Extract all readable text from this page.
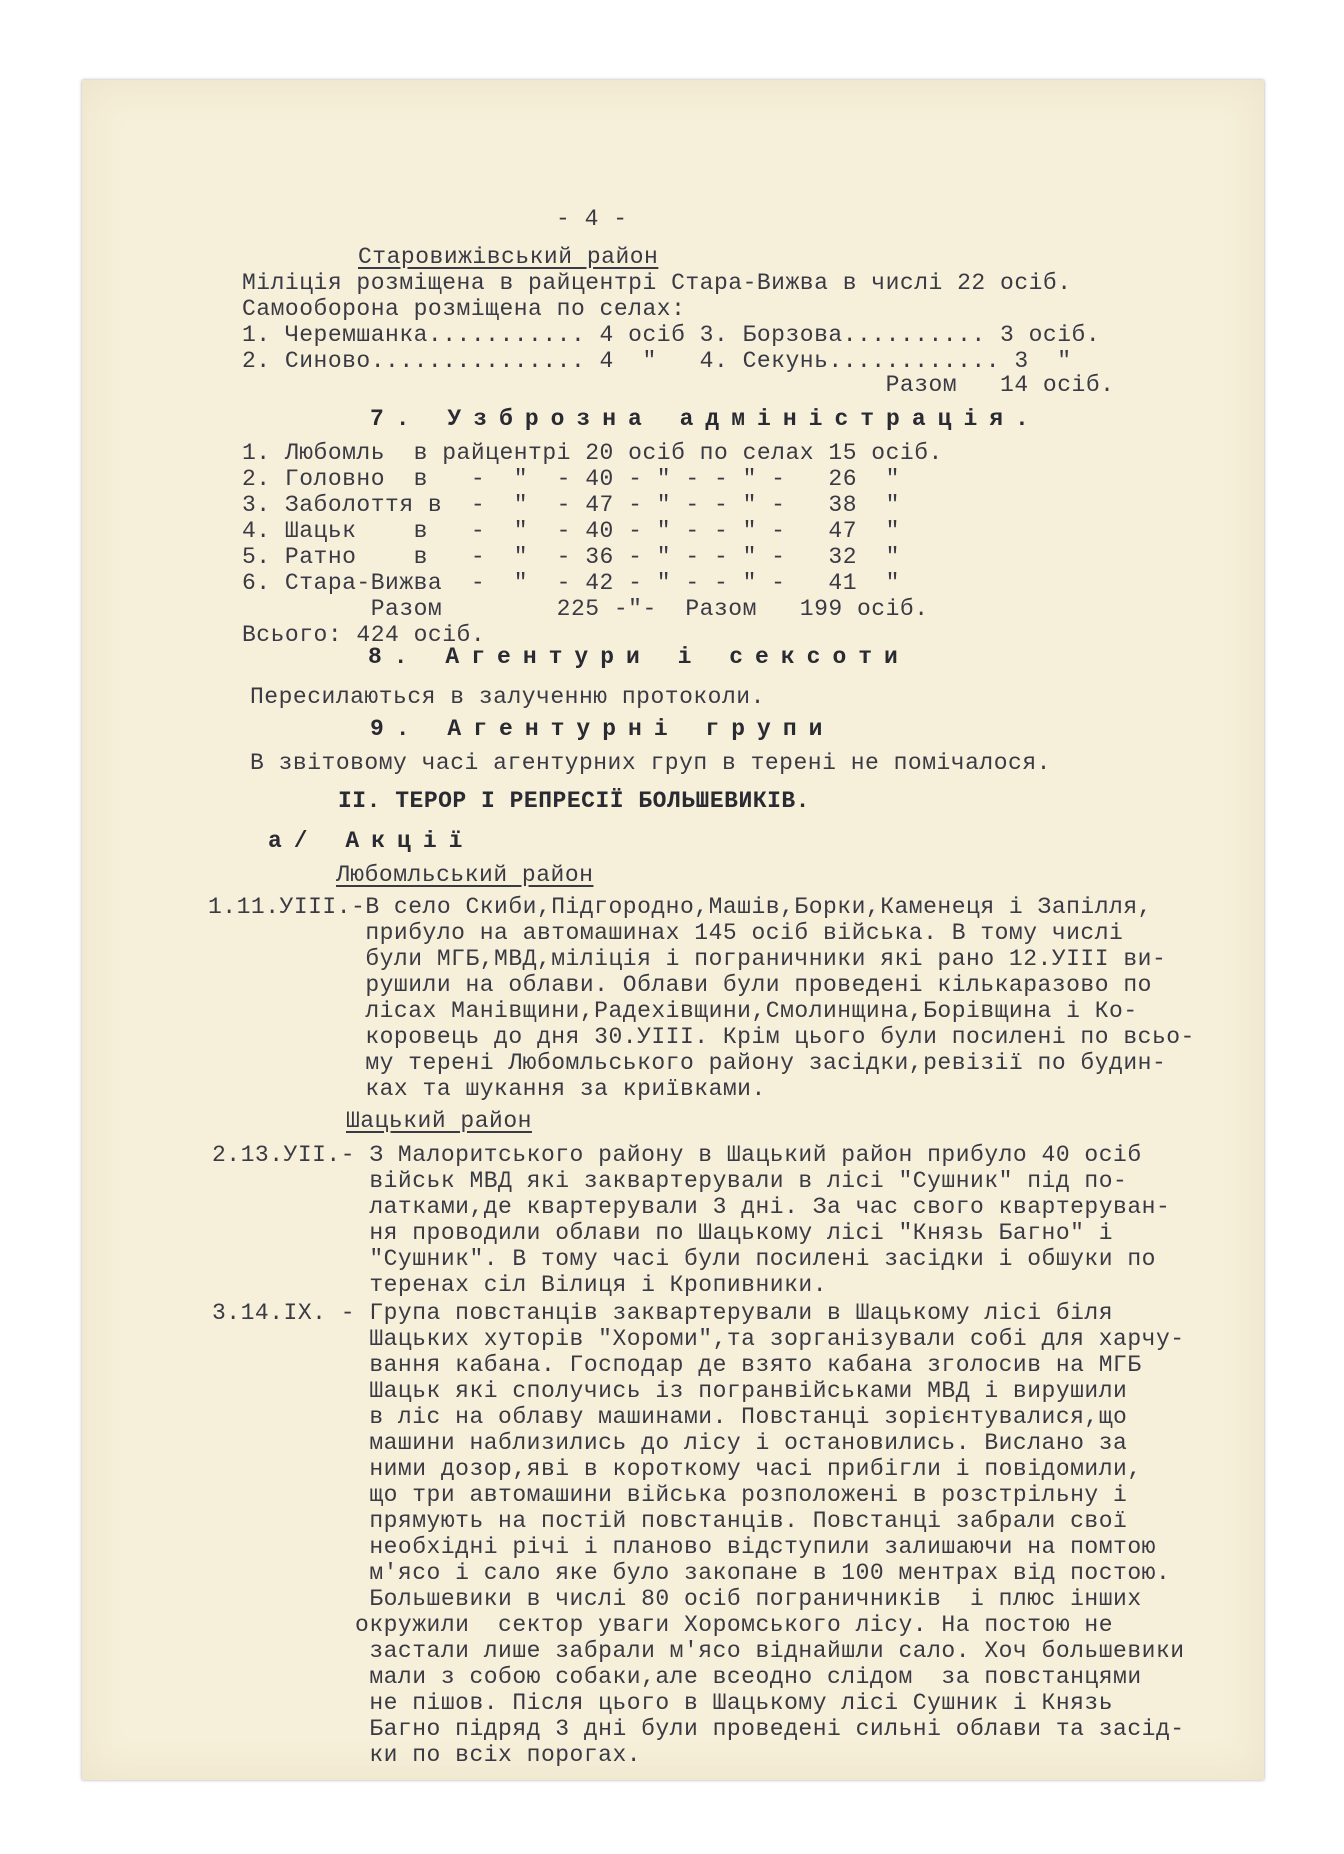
- 4 -
Старовижівський район
Міліція розміщена в райцентрі Стара-Вижва в числі 22 осіб.
Самооборона розміщена по селах:
1. Черемшанка........... 4 осіб 3. Борзова.......... 3 осіб.
2. Синово............... 4  "   4. Секунь............ 3  "
Разом   14 осіб.
7. Узброзна адміністрація.
1. Любомль  в райцентрі 20 осіб по селах 15 осіб.
2. Головно  в   -  "  - 40 - " - - " -   26  "
3. Заболоття в  -  "  - 47 - " - - " -   38  "
4. Шацьк    в   -  "  - 40 - " - - " -   47  "
5. Ратно    в   -  "  - 36 - " - - " -   32  "
6. Стара-Вижва  -  "  - 42 - " - - " -   41  "
Разом        225 -"-  Разом   199 осіб.
Всього: 424 осіб.
8. Агентури і сексоти
Пересилаються в залученню протоколи.
9. Агентурні групи
В звітовому часі агентурних груп в терені не помічалося.
ІІ. ТЕРОР І РЕПРЕСІЇ БОЛЬШЕВИКІВ.
а/ Акції
Любомльський район
1.11.УІІІ.-В село Скиби,Підгородно,Машів,Борки,Каменеця і Запілля,
прибуло на автомашинах 145 осіб війська. В тому числі
були МГБ,МВД,міліція і пограничники які рано 12.УІІІ ви-
рушили на облави. Облави були проведені кількаразово по
лісах Манівщини,Радехівщини,Смолинщина,Борівщина і Ко-
коровець до дня 30.УІІІ. Крім цього були посилені по всьо-
му терені Любомльського району засідки,ревізії по будин-
ках та шукання за криївками.
Шацький район
2.13.УІІ.- З Малоритського району в Шацький район прибуло 40 осіб
військ МВД які заквартерували в лісі "Сушник" під по-
латками,де квартерували 3 дні. За час свого квартеруван-
ня проводили облави по Шацькому лісі "Князь Багно" і
"Сушник". В тому часі були посилені засідки і обшуки по
теренах сіл Вілиця і Кропивники.
3.14.ІХ. - Група повстанців заквартерували в Шацькому лісі біля
Шацьких хуторів "Хороми",та зорганізували собі для харчу-
вання кабана. Господар де взято кабана зголосив на МГБ
Шацьк які сполучись із погранвійськами МВД і вирушили
в ліс на облаву машинами. Повстанці зорієнтувалися,що
машини наблизились до лісу і остановились. Вислано за
ними дозор,яві в короткому часі прибігли і повідомили,
що три автомашини війська розположені в розстрільну і
прямують на постій повстанців. Повстанці забрали свої
необхідні річі і планово відступили залишаючи на помтою
м'ясо і сало яке було закопане в 100 ментрах від постою.
Большевики в числі 80 осіб пограничників  і плюс інших
окружили  сектор уваги Хоромського лісу. На постою не
застали лише забрали м'ясо віднайшли сало. Хоч большевики
мали з собою собаки,але всеодно слідом  за повстанцями
не пішов. Після цього в Шацькому лісі Сушник і Князь
Багно підряд 3 дні були проведені сильні облави та засід-
ки по всіх порогах.
